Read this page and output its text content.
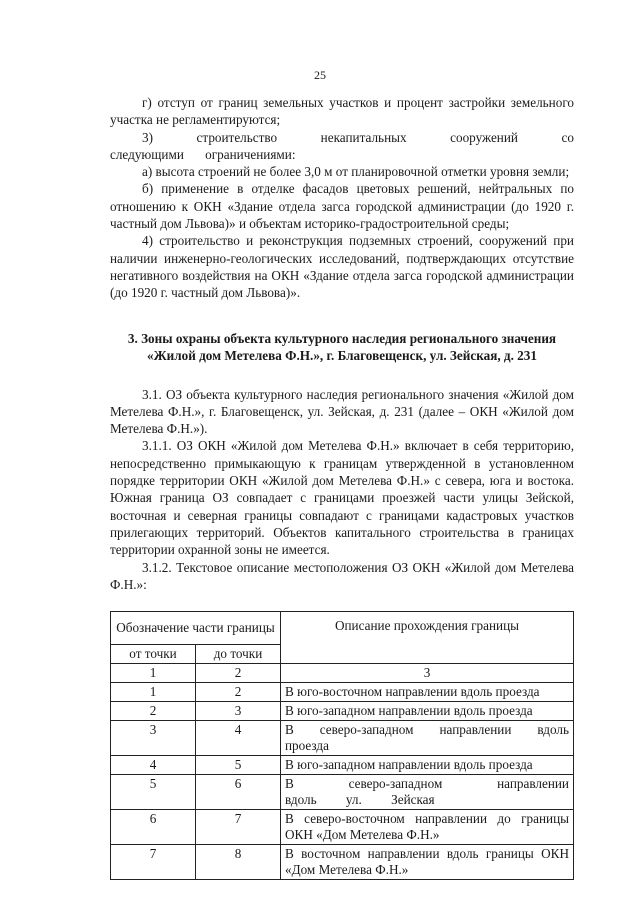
25

г) отступ от границ земельных участков и процент застройки земельного участка не регламентируются;

3) строительство некапитальных сооружений со следующими ограничениями:

а) высота строений не более 3,0 м от планировочной отметки уровня земли;

б) применение в отделке фасадов цветовых решений, нейтральных по отношению к ОКН «Здание отдела загса городской администрации (до 1920 г. частный дом Львова)» и объектам историко-градостроительной среды;

4) строительство и реконструкция подземных строений, сооружений при наличии инженерно-геологических исследований, подтверждающих отсутствие негативного воздействия на ОКН «Здание отдела загса городской администрации (до 1920 г. частный дом Львова)».

3. Зоны охраны объекта культурного наследия регионального значения
«Жилой дом Метелева Ф.Н.», г. Благовещенск, ул. Зейская, д. 231

3.1. ОЗ объекта культурного наследия регионального значения «Жилой дом Метелева Ф.Н.», г. Благовещенск, ул. Зейская, д. 231 (далее – ОКН «Жилой дом Метелева Ф.Н.»).

3.1.1. ОЗ ОКН «Жилой дом Метелева Ф.Н.» включает в себя территорию, непосредственно примыкающую к границам утвержденной в установленном порядке территории ОКН «Жилой дом Метелева Ф.Н.» с севера, юга и востока. Южная граница ОЗ совпадает с границами проезжей части улицы Зейской, восточная и северная границы совпадают с границами кадастровых участков прилегающих территорий. Объектов капитального строительства в границах территории охранной зоны не имеется.

3.1.2. Текстовое описание местоположения ОЗ ОКН «Жилой дом Метелева Ф.Н.»:

Обозначение части границы		Описание прохождения границы
от точки	до точки	
1	2	3
1	2	В юго-восточном направлении вдоль проезда
2	3	В юго-западном направлении вдоль проезда
3	4	В северо-западном направлении вдоль проезда
4	5	В юго-западном направлении вдоль проезда
5	6	В северо-западном направлении вдоль ул. Зейская
6	7	В северо-восточном направлении до границы ОКН «Дом Метелева Ф.Н.»
7	8	В восточном направлении вдоль границы ОКН «Дом Метелева Ф.Н.»
